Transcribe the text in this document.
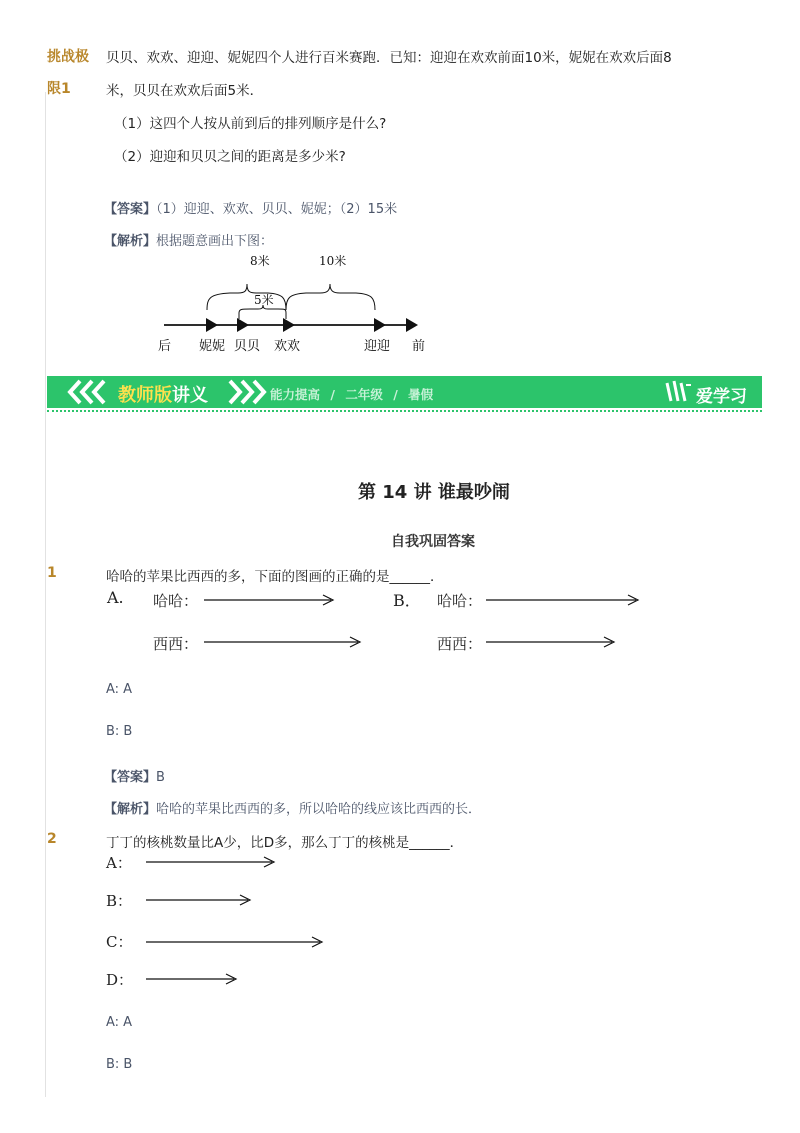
挑战极
限1
贝贝、欢欢、迎迎、妮妮四个人进行百米赛跑．已知：迎迎在欢欢前面10米，妮妮在欢欢后面8
米，贝贝在欢欢后面5米．
（1）这四个人按从前到后的排列顺序是什么?
（2）迎迎和贝贝之间的距离是多少米?
【答案】（1）迎迎、欢欢、贝贝、妮妮；（2）15米
【解析】根据题意画出下图：
8米	10米
5米
后 妮妮 贝贝 欢欢	迎迎 前
教师版讲义	能力提高 / 二年级 / 暑假	爱学习
第 14 讲 谁最吵闹
自我巩固答案
1	哈哈的苹果比西西的多，下面的图画的正确的是______．
A. 哈哈：
西西：
B． 哈哈：
西西：
A: A
B: B
【答案】B
【解析】哈哈的苹果比西西的多，所以哈哈的线应该比西西的长．
2	丁丁的核桃数量比A少，比D多，那么丁丁的核桃是______．
A：
B：
C：
D：
A: A
B: B
